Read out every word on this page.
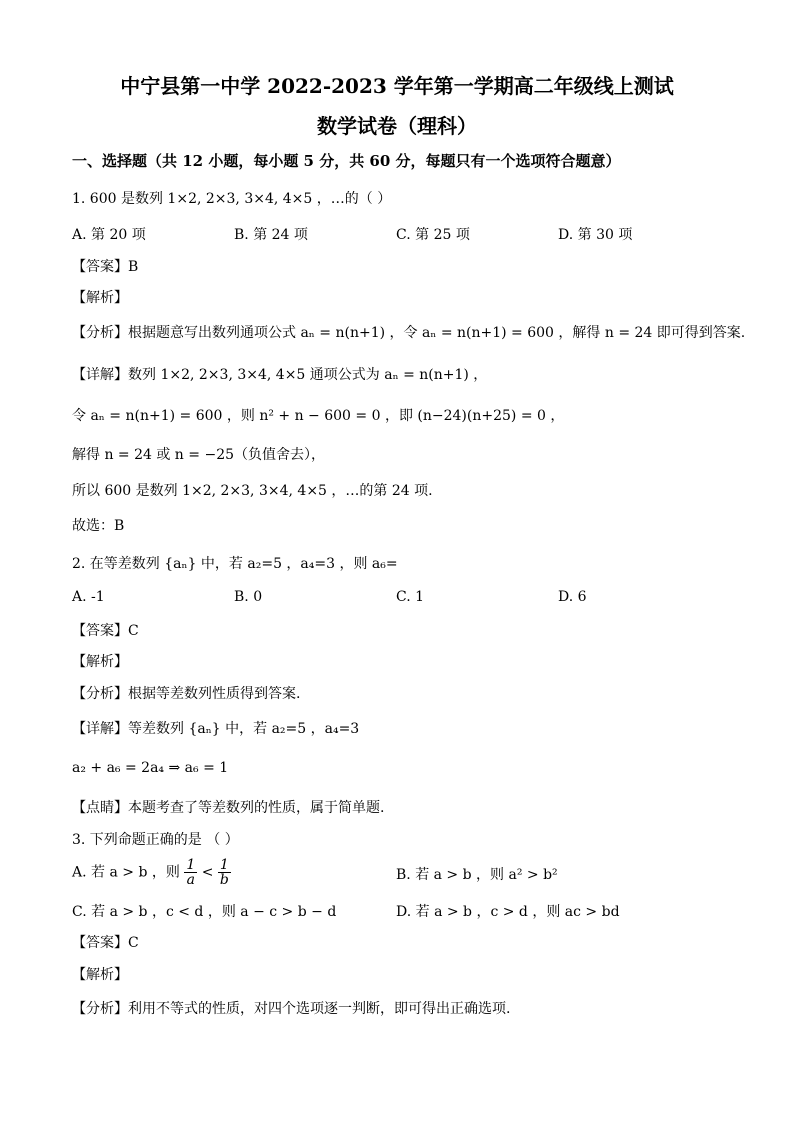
中宁县第一中学 2022-2023 学年第一学期高二年级线上测试
数学试卷（理科）
一、选择题（共 12 小题，每小题 5 分，共 60 分，每题只有一个选项符合题意）
1. 600 是数列 1×2, 2×3, 3×4, 4×5 ，…的（ ）
A. 第 20 项	B. 第 24 项	C. 第 25 项	D. 第 30 项
【答案】B
【解析】
【分析】根据题意写出数列通项公式 aₙ = n(n+1) ，令 aₙ = n(n+1) = 600 ，解得 n = 24 即可得到答案.
【详解】数列 1×2, 2×3, 3×4, 4×5 通项公式为 aₙ = n(n+1) ，
令 aₙ = n(n+1) = 600 ，则 n² + n − 600 = 0 ，即 (n−24)(n+25) = 0 ，
解得 n = 24 或 n = −25（负值舍去），
所以 600 是数列 1×2, 2×3, 3×4, 4×5 ，…的第 24 项.
故选：B
2. 在等差数列 {aₙ} 中，若 a₂=5 ，a₄=3 ，则 a₆=
A. -1	B. 0	C. 1	D. 6
【答案】C
【解析】
【分析】根据等差数列性质得到答案.
【详解】等差数列 {aₙ} 中，若 a₂=5 ，a₄=3
a₂ + a₆ = 2a₄ ⇒ a₆ = 1
【点睛】本题考查了等差数列的性质，属于简单题.
3. 下列命题正确的是 （ ）
A. 若 a > b ，则 $\frac{1}{a} < \frac{1}{b}$	B. 若 a > b ，则 a² > b²
C. 若 a > b ，c < d ，则 a − c > b − d	D. 若 a > b ，c > d ，则 ac > bd
【答案】C
【解析】
【分析】利用不等式的性质，对四个选项逐一判断，即可得出正确选项.
